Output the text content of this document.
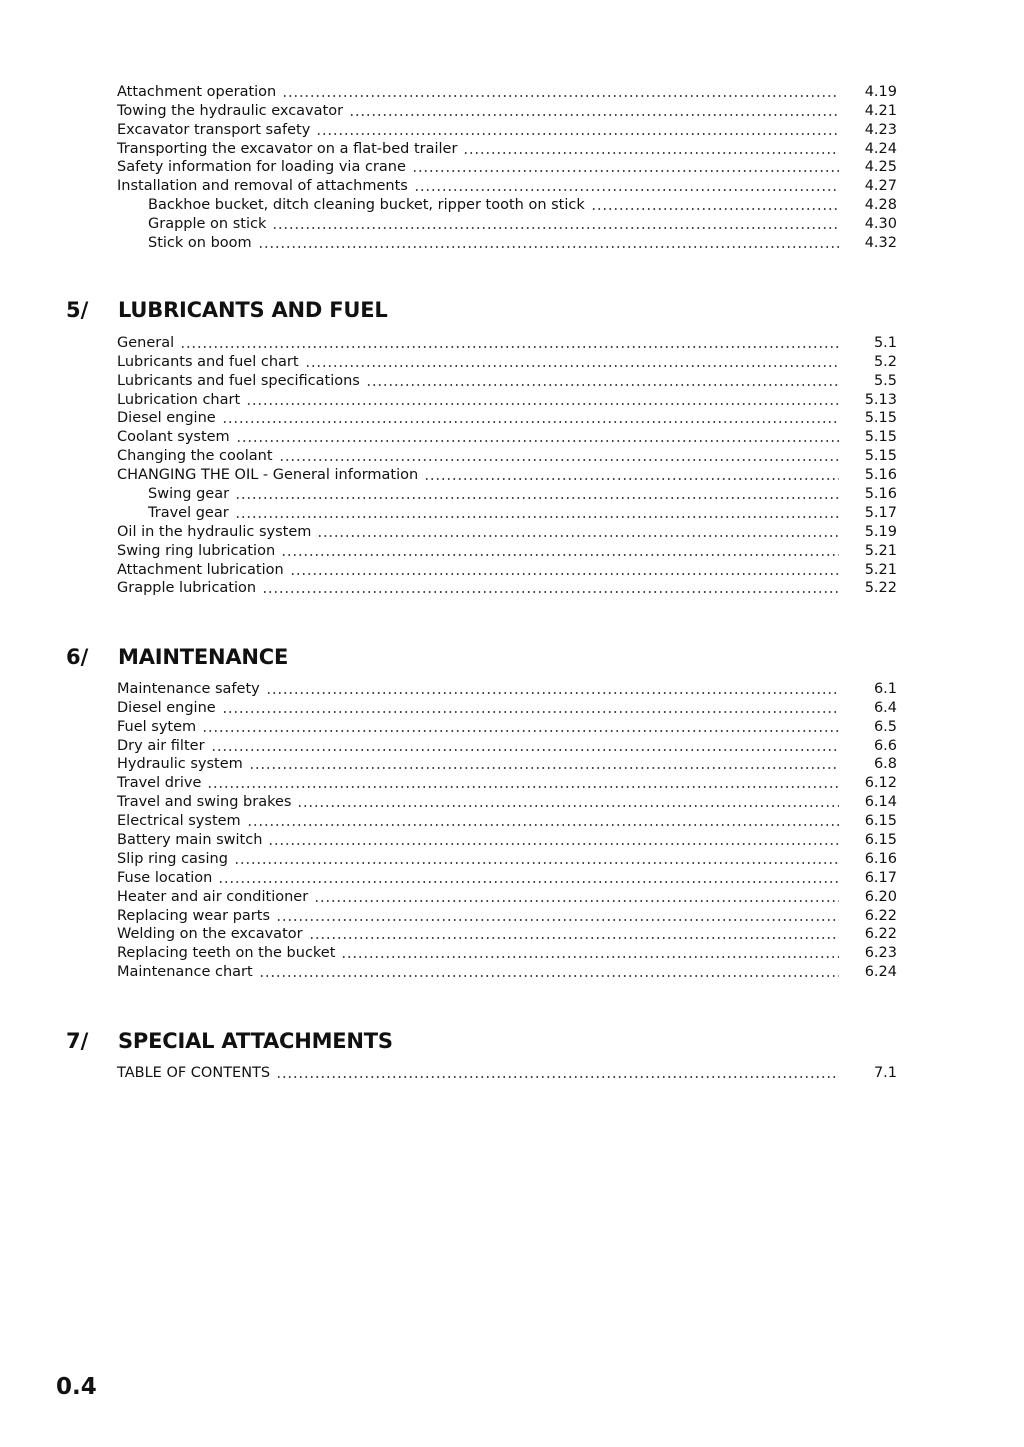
Attachment operation	4.19
Towing the hydraulic excavator	4.21
Excavator transport safety	4.23
Transporting the excavator on a flat-bed trailer	4.24
Safety information for loading via crane	4.25
Installation and removal of attachments	4.27
Backhoe bucket, ditch cleaning bucket, ripper tooth on stick	4.28
Grapple on stick	4.30
Stick on boom	4.32
5/	LUBRICANTS AND FUEL
General	5.1
Lubricants and fuel chart	5.2
Lubricants and fuel specifications	5.5
Lubrication chart	5.13
Diesel engine	5.15
Coolant system	5.15
Changing the coolant	5.15
CHANGING THE OIL - General information	5.16
Swing gear	5.16
Travel gear	5.17
Oil in the hydraulic system	5.19
Swing ring lubrication	5.21
Attachment lubrication	5.21
Grapple lubrication	5.22
6/	MAINTENANCE
Maintenance safety	6.1
Diesel engine	6.4
Fuel sytem	6.5
Dry air filter	6.6
Hydraulic system	6.8
Travel drive	6.12
Travel and swing brakes	6.14
Electrical system	6.15
Battery main switch	6.15
Slip ring casing	6.16
Fuse location	6.17
Heater and air conditioner	6.20
Replacing wear parts	6.22
Welding on the excavator	6.22
Replacing teeth on the bucket	6.23
Maintenance chart	6.24
7/	SPECIAL ATTACHMENTS
TABLE OF CONTENTS	7.1
0.4
